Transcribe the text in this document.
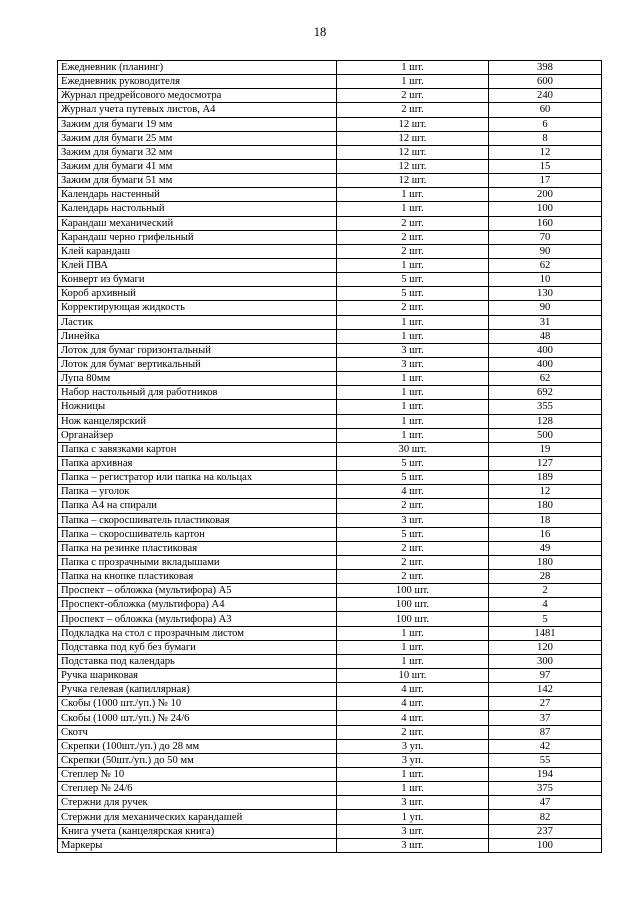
18
Ежедневник (планинг)	1 шт.	398
Ежедневник руководителя	1 шт.	600
Журнал предрейсового медосмотра	2 шт.	240
Журнал учета путевых листов, А4	2 шт.	60
Зажим для бумаги 19 мм	12 шт.	6
Зажим для бумаги 25 мм	12 шт.	8
Зажим для бумаги 32 мм	12 шт.	12
Зажим для бумаги 41 мм	12 шт.	15
Зажим для бумаги 51 мм	12 шт.	17
Календарь настенный	1 шт.	200
Календарь настольный	1 шт.	100
Карандаш механический	2 шт.	160
Карандаш черно грифельный	2 шт.	70
Клей карандаш	2 шт.	90
Клей ПВА	1 шт.	62
Конверт из бумаги	5 шт.	10
Короб архивный	5 шт.	130
Корректирующая жидкость	2 шт.	90
Ластик	1 шт.	31
Линейка	1 шт.	48
Лоток для бумаг горизонтальный	3 шт.	400
Лоток для бумаг вертикальный	3 шт.	400
Лупа 80мм	1 шт.	62
Набор настольный для работников	1 шт.	692
Ножницы	1 шт.	355
Нож канцелярский	1 шт.	128
Органайзер	1 шт.	500
Папка с завязками картон	30 шт.	19
Папка архивная	5 шт.	127
Папка – регистратор или папка на кольцах	5 шт.	189
Папка – уголок	4 шт.	12
Папка А4 на спирали	2 шт.	180
Папка – скоросшиватель пластиковая	3 шт.	18
Папка – скоросшиватель картон	5 шт.	16
Папка на резинке пластиковая	2 шт.	49
Папка с прозрачными вкладышами	2 шт.	180
Папка на кнопке пластиковая	2 шт.	28
Проспект – обложка (мультифора) А5	100 шт.	2
Проспект-обложка (мультифора) А4	100 шт.	4
Проспект – обложка (мультифора) А3	100 шт.	5
Подкладка на стол с прозрачным листом	1 шт.	1481
Подставка под куб без бумаги	1 шт.	120
Подставка под календарь	1 шт.	300
Ручка шариковая	10 шт.	97
Ручка гелевая (капиллярная)	4 шт.	142
Скобы (1000 шт./уп.) № 10	4 шт.	27
Скобы (1000 шт./уп.) № 24/6	4 шт.	37
Скотч	2 шт.	87
Скрепки (100шт./уп.) до 28 мм	3 уп.	42
Скрепки (50шт./уп.) до 50 мм	3 уп.	55
Степлер № 10	1 шт.	194
Степлер № 24/6	1 шт.	375
Стержни для ручек	3 шт.	47
Стержни для механических карандашей	1 уп.	82
Книга учета (канцелярская книга)	3 шт.	237
Маркеры	3 шт.	100
